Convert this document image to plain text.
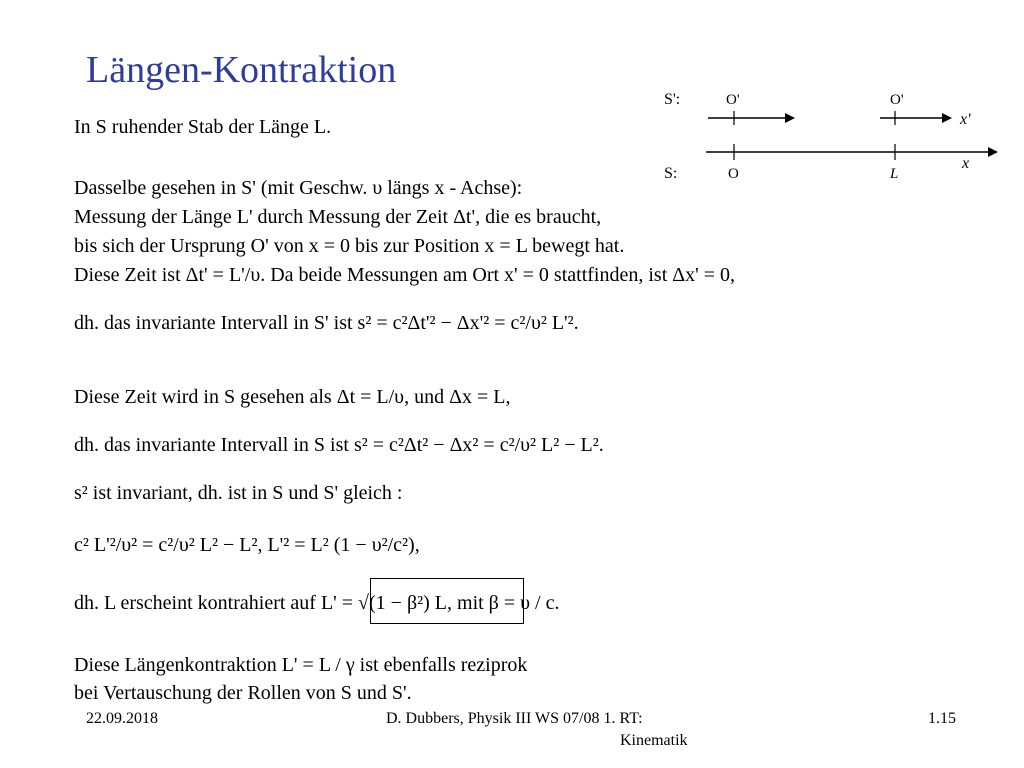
Längen-Kontraktion
S':	O'	O'
x'
x
S:	O	L
In S ruhender Stab der Länge L.
Dasselbe gesehen in S' (mit Geschw. υ längs x - Achse):
Messung der Länge L' durch Messung der Zeit Δt', die es braucht,
bis sich der Ursprung O' von x = 0 bis zur Position x = L bewegt hat.
Diese Zeit ist Δt' = L'/υ. Da beide Messungen am Ort x' = 0 stattfinden, ist Δx' = 0,
dh. das invariante Intervall in S' ist s² = c²Δt'² − Δx'² = c²/υ² L'².
Diese Zeit wird in S gesehen als Δt = L/υ, und Δx = L,
dh. das invariante Intervall in S ist s² = c²Δt² − Δx² = c²/υ² L² − L².
s² ist invariant, dh. ist in S und S' gleich :
c² L'²/υ² = c²/υ² L² − L², L'² = L² (1 − υ²/c²),
dh. L erscheint kontrahiert auf L' = √(1 − β²) L, mit β = υ / c.
Diese Längenkontraktion L' = L / γ ist ebenfalls reziprok
bei Vertauschung der Rollen von S und S'.
22.09.2018	D. Dubbers, Physik III WS 07/08 1. RT:
Kinematik
1.15
